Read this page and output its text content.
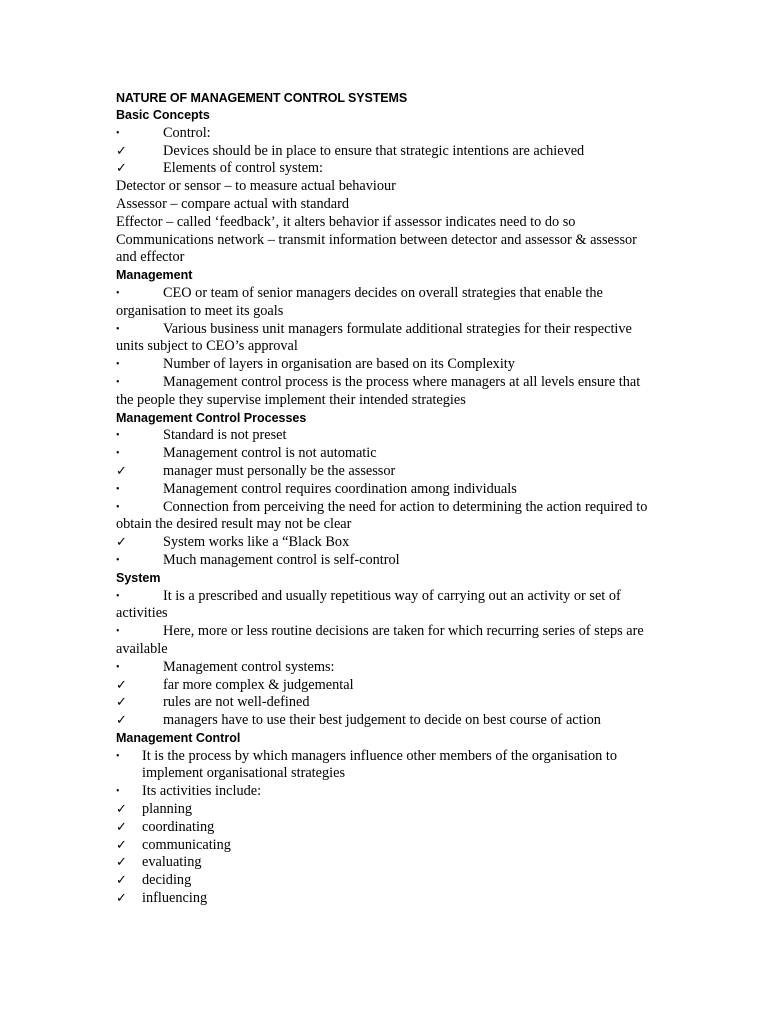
NATURE OF MANAGEMENT CONTROL SYSTEMS
Basic Concepts
•	Control:
✓	Devices should be in place to ensure that strategic intentions are achieved
✓	Elements of control system:
Detector or sensor – to measure actual behaviour
Assessor – compare actual with standard
Effector – called ‘feedback’, it alters behavior if assessor indicates need to do so
Communications network – transmit information between detector and assessor & assessor and effector
Management
•	CEO or team of senior managers decides on overall strategies that enable the organisation to meet its goals
•	Various business unit managers formulate additional strategies for their respective units subject to CEO’s approval
•	Number of layers in organisation are based on its Complexity
•	Management control process is the process where managers at all levels ensure that the people they supervise implement their intended strategies
Management Control Processes
•	Standard is not preset
•	Management control is not automatic
✓	manager must personally be the assessor
•	Management control requires coordination among individuals
•	Connection from perceiving the need for action to determining the action required to obtain the desired result may not be clear
✓	System works like a “Black Box
•	Much management control is self-control
System
•	It is a prescribed and usually repetitious way of carrying out an activity or set of activities
•	Here, more or less routine decisions are taken for which recurring series of steps are available
•	Management control systems:
✓	far more complex & judgemental
✓	rules are not well-defined
✓	managers have to use their best judgement to decide on best course of action
Management Control
• It is the process by which managers influence other members of the organisation to implement organisational strategies
• Its activities include:
✓ planning
✓ coordinating
✓ communicating
✓ evaluating
✓ deciding
✓ influencing
